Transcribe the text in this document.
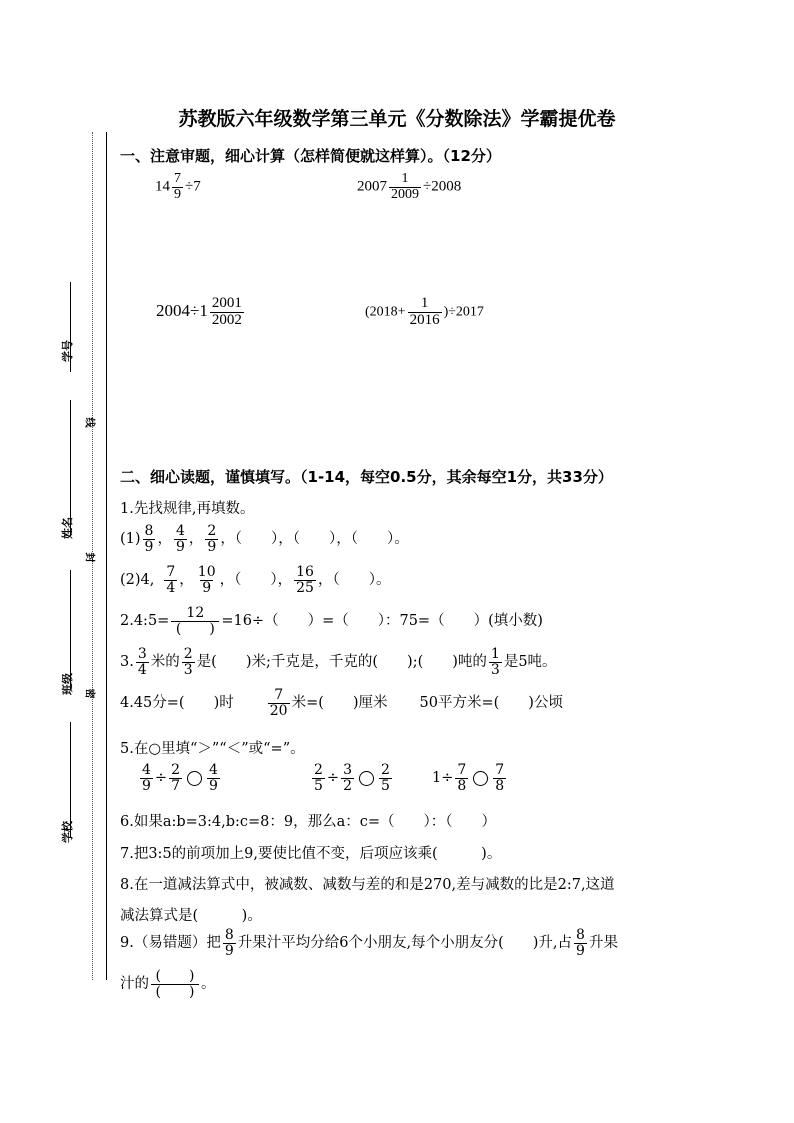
学号
姓名
班级
学校
线
封
密
苏教版六年级数学第三单元《分数除法》学霸提优卷
一、注意审题，细心计算（怎样简便就这样算）。（12分）
$14 \frac{7}{9} \div 7$	$2007 \frac{1}{2009} \div 2008$
$2004\div 1 \frac{2001}{2002}$	$(2018+ \frac{1}{2016} )\div 2017$
二、细心读题，谨慎填写。（1-14，每空0.5分，其余每空1分，共33分）
1.先找规律,再填数。
$(1) \frac{8}{9}$ ， $\frac{4}{9}$ ， $\frac{2}{9}$ ，（　　），（　　），（　　）。
(2)4, $\frac{7}{4}$ ， $\frac{10}{9}$ ，（　　）， $\frac{16}{25}$ ，（　　）。
2.4:5=
12
(　　) =16÷（　　）=（　　）：75=（　　）(填小数)
3. $\frac{3}{4}$ 米的 $\frac{2}{3}$ 是(　　)米;千克是，千克的(　　);(　　)吨的 $\frac{1}{3}$ 是5吨。
4.45分=(　　)时 $\frac{7}{20}$ 米=(　　)厘米 50平方米=(　　)公顷
5.在○里填“＞”“＜”或“=”。
$\frac{4}{9} \div \frac{2}{7} \frac{4}{9}$	$\frac{2}{5} \div \frac{3}{2} \frac{2}{5}$	$1\div \frac{7}{8} \frac{7}{8}$
6.如果a:b=3:4,b:c=8：9，那么a：c=（　　）：（　　）
7.把3:5的前项加上9,要使比值不变，后项应该乘(　　　)。
8.在一道减法算式中，被减数、减数与差的和是270,差与减数的比是2:7,这道
减法算式是(　　　)。
9.（易错题）把 $\frac{8}{9}$ 升果汁平均分给6个小朋友,每个小朋友分(　　)升,占 $\frac{8}{9}$ 升果
汁的
(　　)
(　　) 。
